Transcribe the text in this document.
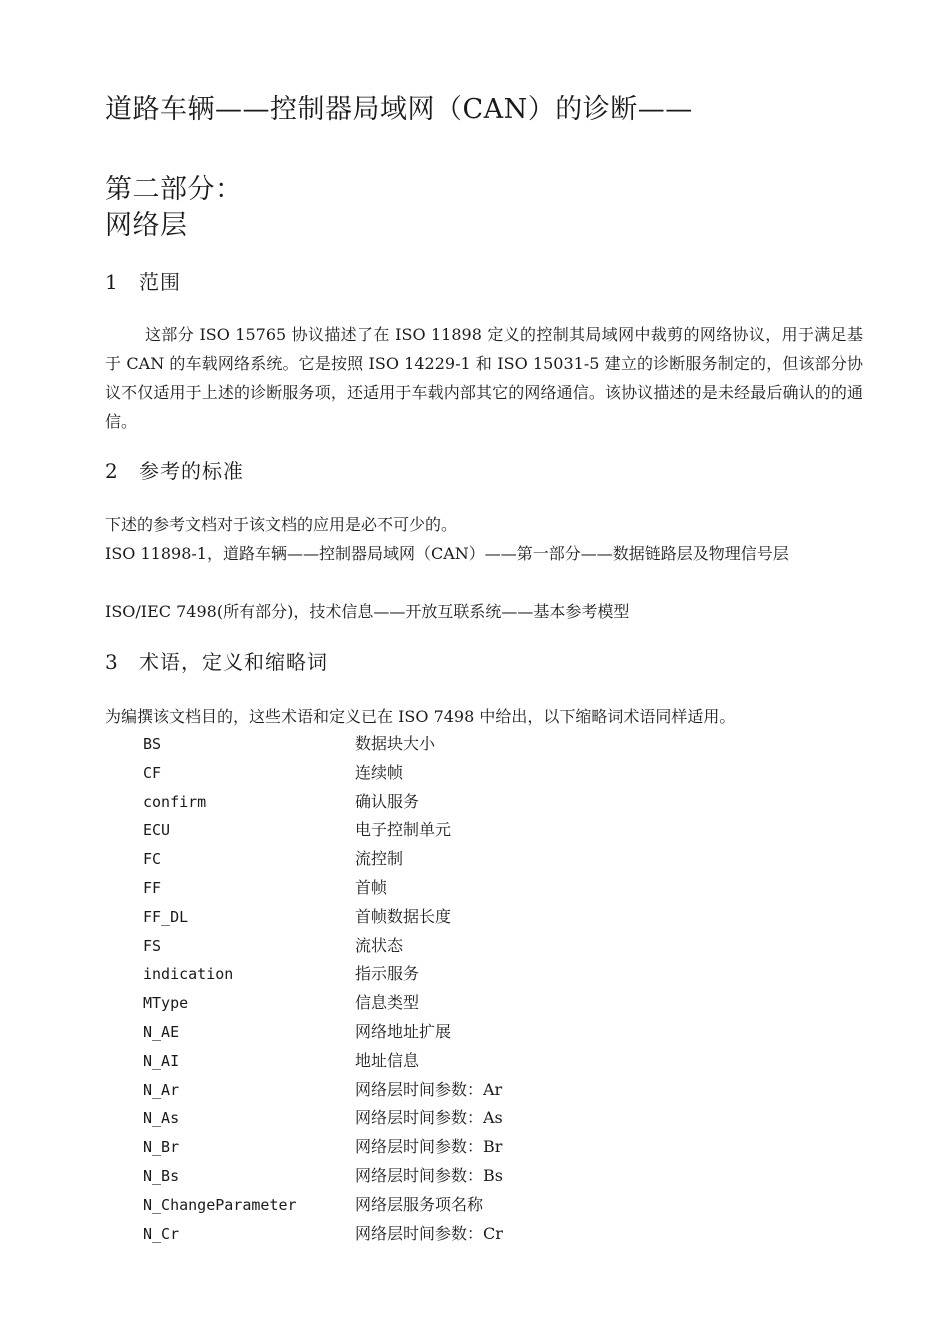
道路车辆——控制器局域网（CAN）的诊断——
第二部分：
网络层
1 范围
这部分 ISO 15765 协议描述了在 ISO 11898 定义的控制其局域网中裁剪的网络协议，用于满足基于 CAN 的车载网络系统。它是按照 ISO 14229-1 和 ISO 15031-5 建立的诊断服务制定的，但该部分协议不仅适用于上述的诊断服务项，还适用于车载内部其它的网络通信。该协议描述的是未经最后确认的的通信。
2 参考的标准
下述的参考文档对于该文档的应用是必不可少的。
ISO 11898-1，道路车辆——控制器局域网（CAN）——第一部分——数据链路层及物理信号层
ISO/IEC 7498(所有部分)，技术信息——开放互联系统——基本参考模型
3 术语，定义和缩略词
为编撰该文档目的，这些术语和定义已在 ISO 7498 中给出，以下缩略词术语同样适用。
BS	数据块大小
CF	连续帧
confirm	确认服务
ECU	电子控制单元
FC	流控制
FF	首帧
FF_DL	首帧数据长度
FS	流状态
indication	指示服务
MType	信息类型
N_AE	网络地址扩展
N_AI	地址信息
N_Ar	网络层时间参数：Ar
N_As	网络层时间参数：As
N_Br	网络层时间参数：Br
N_Bs	网络层时间参数：Bs
N_ChangeParameter	网络层服务项名称
N_Cr	网络层时间参数：Cr
